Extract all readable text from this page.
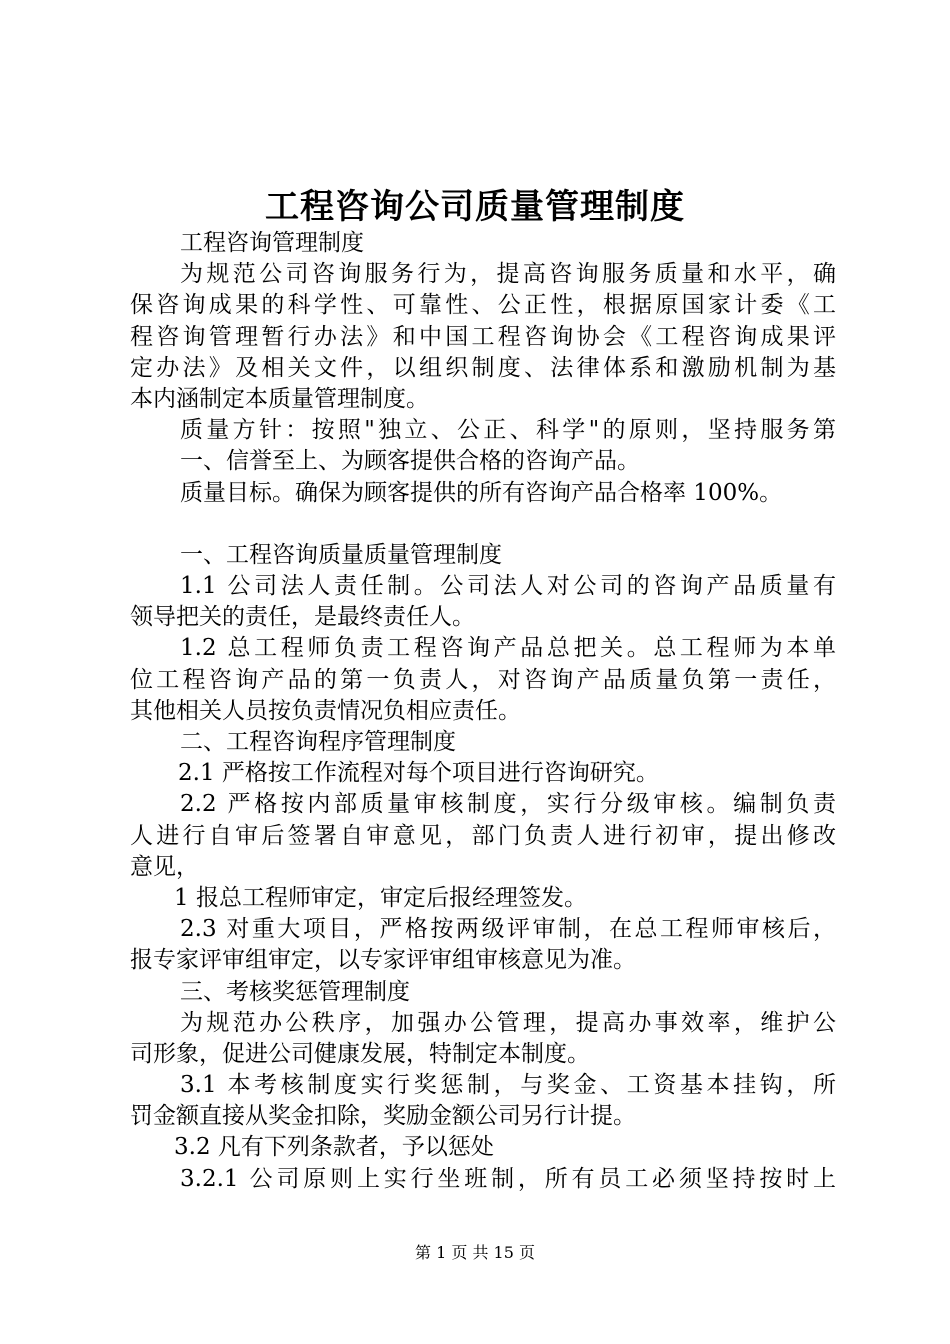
工程咨询公司质量管理制度
工程咨询管理制度
为规范公司咨询服务行为，提高咨询服务质量和水平，确
保咨询成果的科学性、可靠性、公正性，根据原国家计委《工
程咨询管理暂行办法》和中国工程咨询协会《工程咨询成果评
定办法》及相关文件，以组织制度、法律体系和激励机制为基
本内涵制定本质量管理制度。
质量方针：按照"独立、公正、科学"的原则，坚持服务第
一、信誉至上、为顾客提供合格的咨询产品。
质量目标。确保为顾客提供的所有咨询产品合格率 100%。
一、工程咨询质量质量管理制度
1.1 公司法人责任制。公司法人对公司的咨询产品质量有
领导把关的责任，是最终责任人。
1.2 总工程师负责工程咨询产品总把关。总工程师为本单
位工程咨询产品的第一负责人，对咨询产品质量负第一责任，
其他相关人员按负责情况负相应责任。
二、工程咨询程序管理制度
2.1 严格按工作流程对每个项目进行咨询研究。
2.2 严格按内部质量审核制度，实行分级审核。编制负责
人进行自审后签署自审意见，部门负责人进行初审，提出修改
意见，
1 报总工程师审定，审定后报经理签发。
2.3 对重大项目，严格按两级评审制，在总工程师审核后，
报专家评审组审定，以专家评审组审核意见为准。
三、考核奖惩管理制度
为规范办公秩序，加强办公管理，提高办事效率，维护公
司形象，促进公司健康发展，特制定本制度。
3.1 本考核制度实行奖惩制，与奖金、工资基本挂钩，所
罚金额直接从奖金扣除，奖励金额公司另行计提。
3.2 凡有下列条款者，予以惩处
3.2.1 公司原则上实行坐班制，所有员工必须坚持按时上
第 1 页 共 15 页
